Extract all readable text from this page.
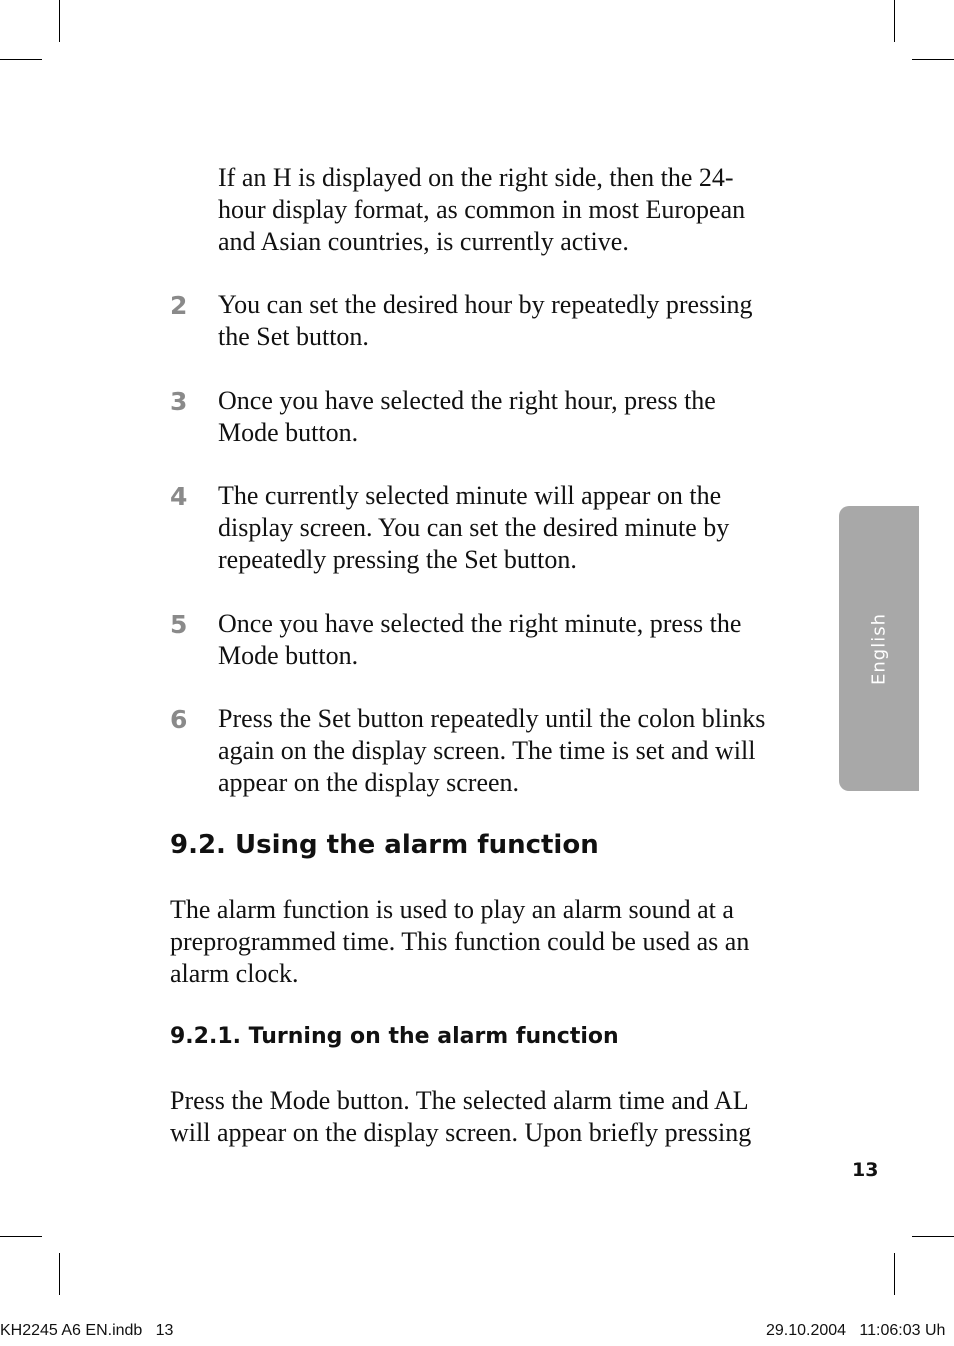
If an H is displayed on the right side, then the 24-
hour display format, as common in most European
and Asian countries, is currently active.

2 You can set the desired hour by repeatedly pressing
the Set button.

3 Once you have selected the right hour, press the
Mode button.

4 The currently selected minute will appear on the
display screen. You can set the desired minute by
repeatedly pressing the Set button.

5 Once you have selected the right minute, press the
Mode button.

6 Press the Set button repeatedly until the colon blinks
again on the display screen. The time is set and will
appear on the display screen.

9.2. Using the alarm function

The alarm function is used to play an alarm sound at a
preprogrammed time. This function could be used as an
alarm clock.

9.2.1. Turning on the alarm function

Press the Mode button. The selected alarm time and AL
will appear on the display screen. Upon briefly pressing

English
13
KH2245 A6 EN.indb   13	29.10.2004   11:06:03 Uh
